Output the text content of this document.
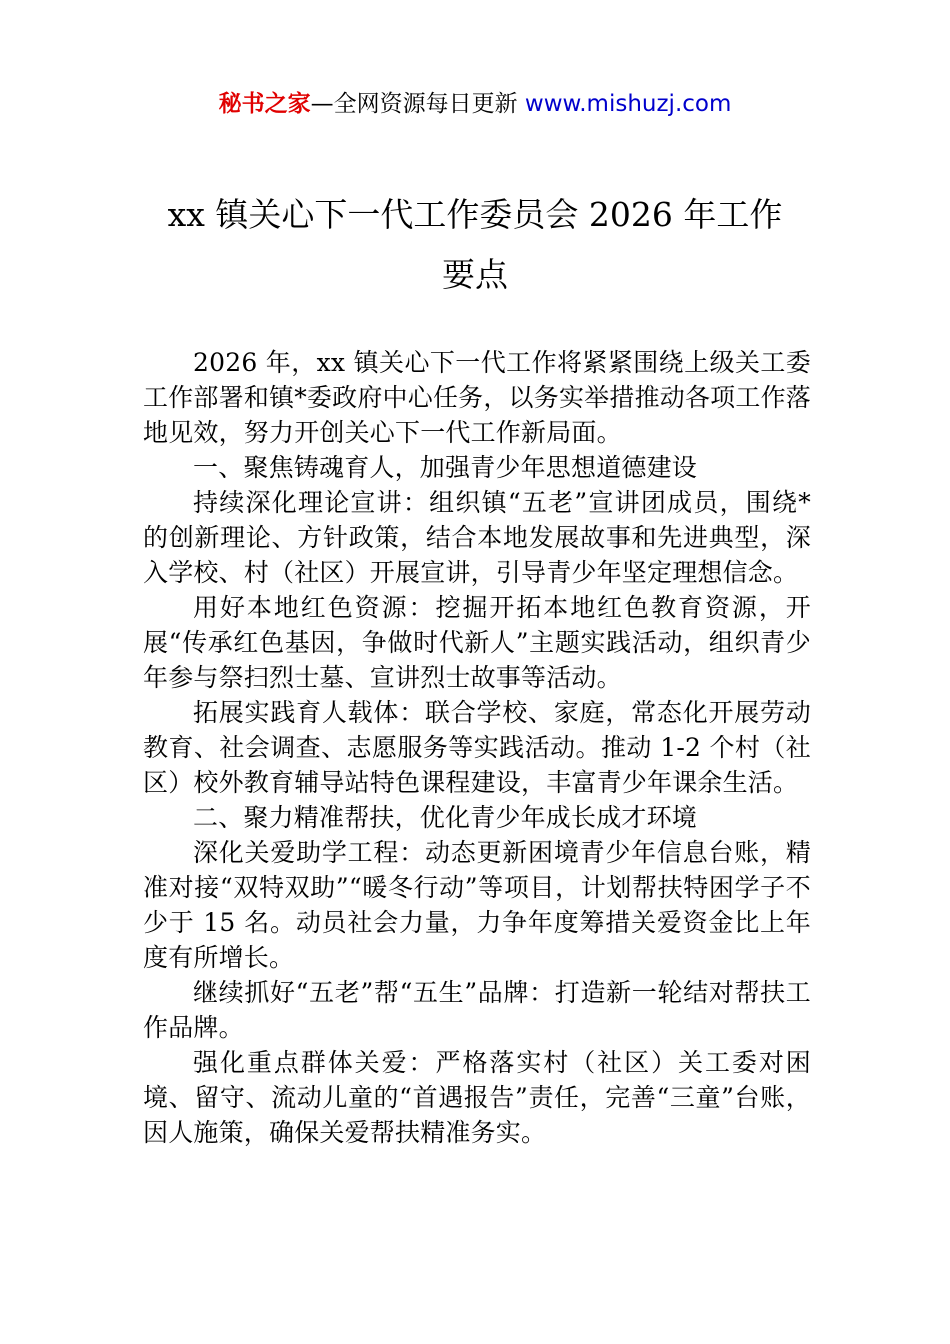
秘书之家—全网资源每日更新 www.mishuzj.com
xx 镇关心下一代工作委员会 2026 年工作
要点

2026 年，xx 镇关心下一代工作将紧紧围绕上级关工委工作部署和镇*委政府中心任务，以务实举措推动各项工作落地见效，努力开创关心下一代工作新局面。

一、聚焦铸魂育人，加强青少年思想道德建设

持续深化理论宣讲：组织镇“五老”宣讲团成员，围绕*的创新理论、方针政策，结合本地发展故事和先进典型，深入学校、村（社区）开展宣讲，引导青少年坚定理想信念。

用好本地红色资源：挖掘开拓本地红色教育资源，开展“传承红色基因，争做时代新人”主题实践活动，组织青少年参与祭扫烈士墓、宣讲烈士故事等活动。

拓展实践育人载体：联合学校、家庭，常态化开展劳动教育、社会调查、志愿服务等实践活动。推动 1-2 个村（社区）校外教育辅导站特色课程建设，丰富青少年课余生活。

二、聚力精准帮扶，优化青少年成长成才环境

深化关爱助学工程：动态更新困境青少年信息台账，精准对接“双特双助”“暖冬行动”等项目，计划帮扶特困学子不少于 15 名。动员社会力量，力争年度筹措关爱资金比上年度有所增长。

继续抓好“五老”帮“五生”品牌：打造新一轮结对帮扶工作品牌。

强化重点群体关爱：严格落实村（社区）关工委对困境、留守、流动儿童的“首遇报告”责任，完善“三童”台账，因人施策，确保关爱帮扶精准务实。
